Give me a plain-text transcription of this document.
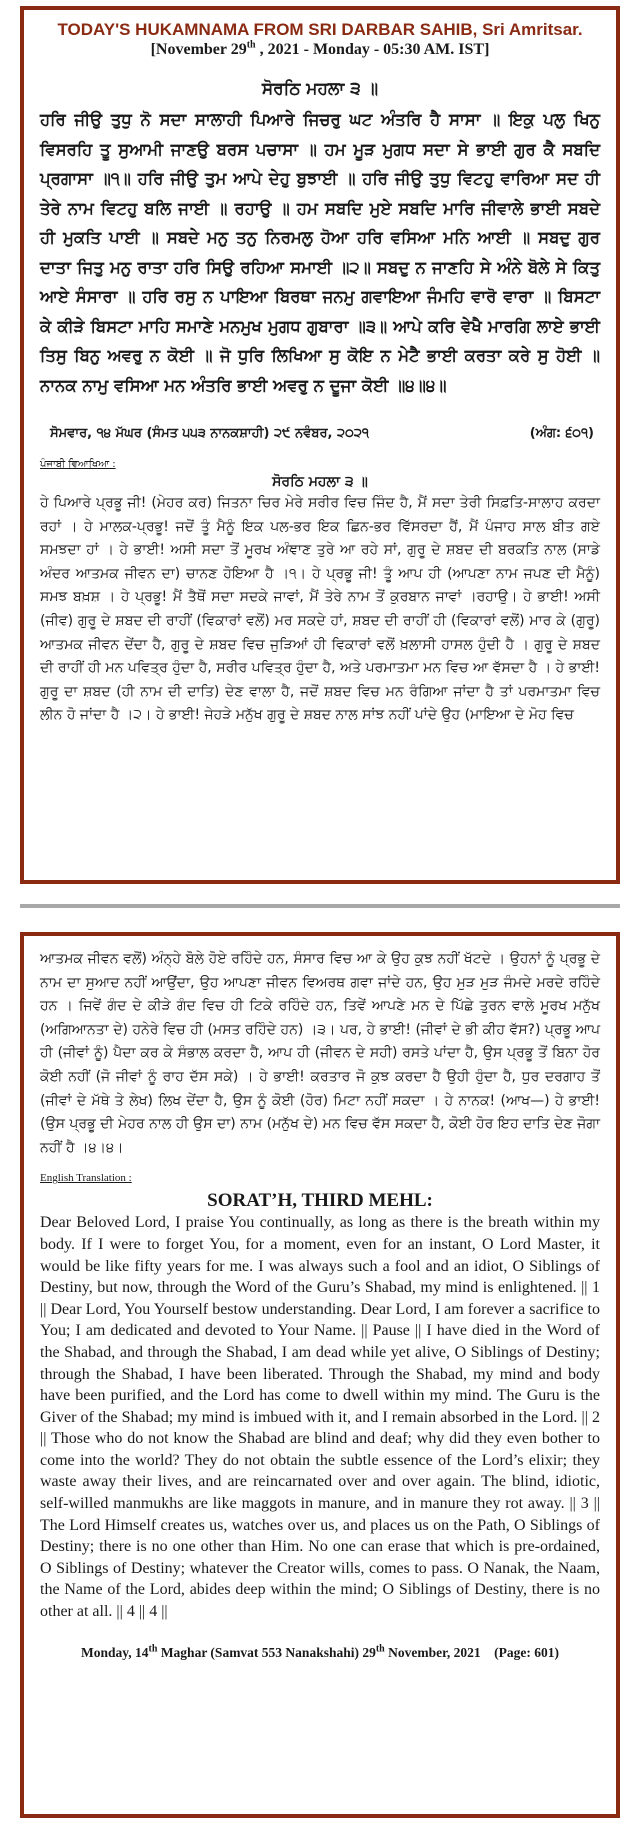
TODAY'S HUKAMNAMA FROM SRI DARBAR SAHIB, Sri Amritsar.
[November 29th , 2021 - Monday - 05:30 AM. IST]
ਸੋਰਠਿ ਮਹਲਾ ੩ ॥
ਹਰਿ ਜੀਉ ਤੁਧੁ ਨੋ ਸਦਾ ਸਾਲਾਹੀ ਪਿਆਰੇ ਜਿਚਰੁ ਘਟ ਅੰਤਰਿ ਹੈ ਸਾਸਾ ॥ ਇਕੁ ਪਲੁ ਖਿਨੁ ਵਿਸਰਹਿ ਤੂ ਸੁਆਮੀ ਜਾਣਉ ਬਰਸ ਪਚਾਸਾ ॥ ਹਮ ਮੂੜ ਮੁਗਧ ਸਦਾ ਸੇ ਭਾਈ ਗੁਰ ਕੈ ਸਬਦਿ ਪ੍ਰਗਾਸਾ ॥੧॥ ਹਰਿ ਜੀਉ ਤੁਮ ਆਪੇ ਦੇਹੁ ਬੁਝਾਈ ॥ ਹਰਿ ਜੀਉ ਤੁਧੁ ਵਿਟਹੁ ਵਾਰਿਆ ਸਦ ਹੀ ਤੇਰੇ ਨਾਮ ਵਿਟਹੁ ਬਲਿ ਜਾਈ ॥ ਰਹਾਉ ॥ ਹਮ ਸਬਦਿ ਮੁਏ ਸਬਦਿ ਮਾਰਿ ਜੀਵਾਲੇ ਭਾਈ ਸਬਦੇ ਹੀ ਮੁਕਤਿ ਪਾਈ ॥ ਸਬਦੇ ਮਨੁ ਤਨੁ ਨਿਰਮਲੁ ਹੋਆ ਹਰਿ ਵਸਿਆ ਮਨਿ ਆਈ ॥ ਸਬਦੁ ਗੁਰ ਦਾਤਾ ਜਿਤੁ ਮਨੁ ਰਾਤਾ ਹਰਿ ਸਿਉ ਰਹਿਆ ਸਮਾਈ ॥੨॥ ਸਬਦੁ ਨ ਜਾਣਹਿ ਸੇ ਅੰਨੇ ਬੋਲੇ ਸੇ ਕਿਤੁ ਆਏ ਸੰਸਾਰਾ ॥ ਹਰਿ ਰਸੁ ਨ ਪਾਇਆ ਬਿਰਥਾ ਜਨਮੁ ਗਵਾਇਆ ਜੰਮਹਿ ਵਾਰੋ ਵਾਰਾ ॥ ਬਿਸਟਾ ਕੇ ਕੀੜੇ ਬਿਸਟਾ ਮਾਹਿ ਸਮਾਣੇ ਮਨਮੁਖ ਮੁਗਧ ਗੁਬਾਰਾ ॥੩॥ ਆਪੇ ਕਰਿ ਵੇਖੈ ਮਾਰਗਿ ਲਾਏ ਭਾਈ ਤਿਸੁ ਬਿਨੁ ਅਵਰੁ ਨ ਕੋਈ ॥ ਜੋ ਧੁਰਿ ਲਿਖਿਆ ਸੁ ਕੋਇ ਨ ਮੇਟੈ ਭਾਈ ਕਰਤਾ ਕਰੇ ਸੁ ਹੋਈ ॥ ਨਾਨਕ ਨਾਮੁ ਵਸਿਆ ਮਨ ਅੰਤਰਿ ਭਾਈ ਅਵਰੁ ਨ ਦੂਜਾ ਕੋਈ ॥੪॥੪॥
ਸੋਮਵਾਰ, ੧੪ ਮੱਘਰ (ਸੰਮਤ ੫੫੩ ਨਾਨਕਸ਼ਾਹੀ) ੨੯ ਨਵੰਬਰ, ੨੦੨੧	(ਅੰਗ: ੬੦੧)
ਪੰਜਾਬੀ ਵਿਆਖਿਆ :
ਸੋਰਠਿ ਮਹਲਾ ੩ ॥
ਹੇ ਪਿਆਰੇ ਪ੍ਰਭੂ ਜੀ! (ਮੇਹਰ ਕਰ) ਜਿਤਨਾ ਚਿਰ ਮੇਰੇ ਸਰੀਰ ਵਿਚ ਜਿੰਦ ਹੈ, ਮੈਂ ਸਦਾ ਤੇਰੀ ਸਿਫ਼ਤਿ-ਸਾਲਾਹ ਕਰਦਾ ਰਹਾਂ । ਹੇ ਮਾਲਕ-ਪ੍ਰਭੂ! ਜਦੋਂ ਤੂੰ ਮੈਨੂੰ ਇਕ ਪਲ-ਭਰ ਇਕ ਛਿਨ-ਭਰ ਵਿੱਸਰਦਾ ਹੈਂ, ਮੈਂ ਪੰਜਾਹ ਸਾਲ ਬੀਤ ਗਏ ਸਮਝਦਾ ਹਾਂ । ਹੇ ਭਾਈ! ਅਸੀ ਸਦਾ ਤੋਂ ਮੂਰਖ ਅੰਞਾਣ ਤੁਰੇ ਆ ਰਹੇ ਸਾਂ, ਗੁਰੂ ਦੇ ਸ਼ਬਦ ਦੀ ਬਰਕਤਿ ਨਾਲ (ਸਾਡੇ ਅੰਦਰ ਆਤਮਕ ਜੀਵਨ ਦਾ) ਚਾਨਣ ਹੋਇਆ ਹੈ ।੧। ਹੇ ਪ੍ਰਭੂ ਜੀ! ਤੂੰ ਆਪ ਹੀ (ਆਪਣਾ ਨਾਮ ਜਪਣ ਦੀ ਮੈਨੂੰ) ਸਮਝ ਬਖ਼ਸ਼ । ਹੇ ਪ੍ਰਭੂ! ਮੈਂ ਤੈਥੋਂ ਸਦਾ ਸਦਕੇ ਜਾਵਾਂ, ਮੈਂ ਤੇਰੇ ਨਾਮ ਤੋਂ ਕੁਰਬਾਨ ਜਾਵਾਂ ।ਰਹਾਉ। ਹੇ ਭਾਈ! ਅਸੀ (ਜੀਵ) ਗੁਰੂ ਦੇ ਸ਼ਬਦ ਦੀ ਰਾਹੀਂ (ਵਿਕਾਰਾਂ ਵਲੋਂ) ਮਰ ਸਕਦੇ ਹਾਂ, ਸ਼ਬਦ ਦੀ ਰਾਹੀਂ ਹੀ (ਵਿਕਾਰਾਂ ਵਲੋਂ) ਮਾਰ ਕੇ (ਗੁਰੂ) ਆਤਮਕ ਜੀਵਨ ਦੇਂਦਾ ਹੈ, ਗੁਰੂ ਦੇ ਸ਼ਬਦ ਵਿਚ ਜੁੜਿਆਂ ਹੀ ਵਿਕਾਰਾਂ ਵਲੋਂ ਖ਼ਲਾਸੀ ਹਾਸਲ ਹੁੰਦੀ ਹੈ । ਗੁਰੂ ਦੇ ਸ਼ਬਦ ਦੀ ਰਾਹੀਂ ਹੀ ਮਨ ਪਵਿਤ੍ਰ ਹੁੰਦਾ ਹੈ, ਸਰੀਰ ਪਵਿਤ੍ਰ ਹੁੰਦਾ ਹੈ, ਅਤੇ ਪਰਮਾਤਮਾ ਮਨ ਵਿਚ ਆ ਵੱਸਦਾ ਹੈ । ਹੇ ਭਾਈ! ਗੁਰੂ ਦਾ ਸ਼ਬਦ (ਹੀ ਨਾਮ ਦੀ ਦਾਤਿ) ਦੇਣ ਵਾਲਾ ਹੈ, ਜਦੋਂ ਸ਼ਬਦ ਵਿਚ ਮਨ ਰੰਗਿਆ ਜਾਂਦਾ ਹੈ ਤਾਂ ਪਰਮਾਤਮਾ ਵਿਚ ਲੀਨ ਹੋ ਜਾਂਦਾ ਹੈ ।੨। ਹੇ ਭਾਈ! ਜੇਹੜੇ ਮਨੁੱਖ ਗੁਰੂ ਦੇ ਸ਼ਬਦ ਨਾਲ ਸਾਂਝ ਨਹੀਂ ਪਾਂਦੇ ਉਹ (ਮਾਇਆ ਦੇ ਮੋਹ ਵਿਚ
ਆਤਮਕ ਜੀਵਨ ਵਲੋਂ) ਅੰਨ੍ਹੇ ਬੋਲੇ ਹੋਏ ਰਹਿੰਦੇ ਹਨ, ਸੰਸਾਰ ਵਿਚ ਆ ਕੇ ਉਹ ਕੁਝ ਨਹੀਂ ਖੱਟਦੇ । ਉਹਨਾਂ ਨੂੰ ਪ੍ਰਭੂ ਦੇ ਨਾਮ ਦਾ ਸੁਆਦ ਨਹੀਂ ਆਉਂਦਾ, ਉਹ ਆਪਣਾ ਜੀਵਨ ਵਿਅਰਥ ਗਵਾ ਜਾਂਦੇ ਹਨ, ਉਹ ਮੁੜ ਮੁੜ ਜੰਮਦੇ ਮਰਦੇ ਰਹਿੰਦੇ ਹਨ । ਜਿਵੇਂ ਗੰਦ ਦੇ ਕੀੜੇ ਗੰਦ ਵਿਚ ਹੀ ਟਿਕੇ ਰਹਿੰਦੇ ਹਨ, ਤਿਵੇਂ ਆਪਣੇ ਮਨ ਦੇ ਪਿੱਛੇ ਤੁਰਨ ਵਾਲੇ ਮੂਰਖ ਮਨੁੱਖ (ਅਗਿਆਨਤਾ ਦੇ) ਹਨੇਰੇ ਵਿਚ ਹੀ (ਮਸਤ ਰਹਿੰਦੇ ਹਨ) ।੩। ਪਰ, ਹੇ ਭਾਈ! (ਜੀਵਾਂ ਦੇ ਭੀ ਕੀਹ ਵੱਸ?) ਪ੍ਰਭੂ ਆਪ ਹੀ (ਜੀਵਾਂ ਨੂੰ) ਪੈਦਾ ਕਰ ਕੇ ਸੰਭਾਲ ਕਰਦਾ ਹੈ, ਆਪ ਹੀ (ਜੀਵਨ ਦੇ ਸਹੀ) ਰਸਤੇ ਪਾਂਦਾ ਹੈ, ਉਸ ਪ੍ਰਭੂ ਤੋਂ ਬਿਨਾ ਹੋਰ ਕੋਈ ਨਹੀਂ (ਜੋ ਜੀਵਾਂ ਨੂੰ ਰਾਹ ਦੱਸ ਸਕੇ) । ਹੇ ਭਾਈ! ਕਰਤਾਰ ਜੋ ਕੁਝ ਕਰਦਾ ਹੈ ਉਹੀ ਹੁੰਦਾ ਹੈ, ਧੁਰ ਦਰਗਾਹ ਤੋਂ (ਜੀਵਾਂ ਦੇ ਮੱਥੇ ਤੇ ਲੇਖ) ਲਿਖ ਦੇਂਦਾ ਹੈ, ਉਸ ਨੂੰ ਕੋਈ (ਹੋਰ) ਮਿਟਾ ਨਹੀਂ ਸਕਦਾ । ਹੇ ਨਾਨਕ! (ਆਖ—) ਹੇ ਭਾਈ! (ਉਸ ਪ੍ਰਭੂ ਦੀ ਮੇਹਰ ਨਾਲ ਹੀ ਉਸ ਦਾ) ਨਾਮ (ਮਨੁੱਖ ਦੇ) ਮਨ ਵਿਚ ਵੱਸ ਸਕਦਾ ਹੈ, ਕੋਈ ਹੋਰ ਇਹ ਦਾਤਿ ਦੇਣ ਜੋਗਾ ਨਹੀਂ ਹੈ ।੪।੪।
English Translation :
SORAT’H, THIRD MEHL:
Dear Beloved Lord, I praise You continually, as long as there is the breath within my body. If I were to forget You, for a moment, even for an instant, O Lord Master, it would be like fifty years for me. I was always such a fool and an idiot, O Siblings of Destiny, but now, through the Word of the Guru’s Shabad, my mind is enlightened. || 1 || Dear Lord, You Yourself bestow understanding. Dear Lord, I am forever a sacrifice to You; I am dedicated and devoted to Your Name. || Pause || I have died in the Word of the Shabad, and through the Shabad, I am dead while yet alive, O Siblings of Destiny; through the Shabad, I have been liberated. Through the Shabad, my mind and body have been purified, and the Lord has come to dwell within my mind. The Guru is the Giver of the Shabad; my mind is imbued with it, and I remain absorbed in the Lord. || 2 || Those who do not know the Shabad are blind and deaf; why did they even bother to come into the world? They do not obtain the subtle essence of the Lord’s elixir; they waste away their lives, and are reincarnated over and over again. The blind, idiotic, self-willed manmukhs are like maggots in manure, and in manure they rot away. || 3 || The Lord Himself creates us, watches over us, and places us on the Path, O Siblings of Destiny; there is no one other than Him. No one can erase that which is pre-ordained, O Siblings of Destiny; whatever the Creator wills, comes to pass. O Nanak, the Naam, the Name of the Lord, abides deep within the mind; O Siblings of Destiny, there is no other at all. || 4 || 4 ||
Monday, 14th Maghar (Samvat 553 Nanakshahi) 29th November, 2021 (Page: 601)
